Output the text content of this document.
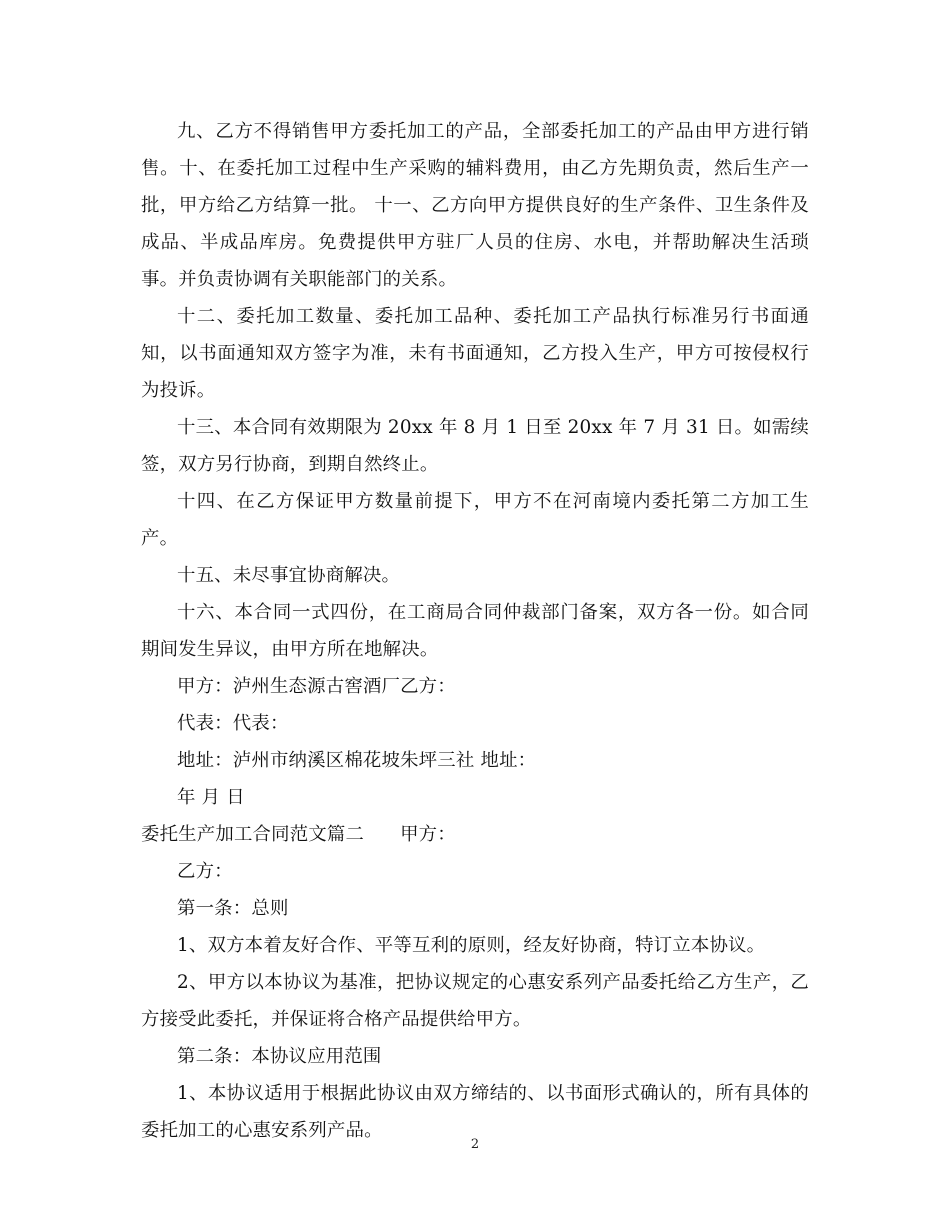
九、乙方不得销售甲方委托加工的产品，全部委托加工的产品由甲方进行销售。十、在委托加工过程中生产采购的辅料费用，由乙方先期负责，然后生产一批，甲方给乙方结算一批。 十一、乙方向甲方提供良好的生产条件、卫生条件及成品、半成品库房。免费提供甲方驻厂人员的住房、水电，并帮助解决生活琐事。并负责协调有关职能部门的关系。

十二、委托加工数量、委托加工品种、委托加工产品执行标准另行书面通知，以书面通知双方签字为准，未有书面通知，乙方投入生产，甲方可按侵权行为投诉。

十三、本合同有效期限为 20xx 年 8 月 1 日至 20xx 年 7 月 31 日。如需续签，双方另行协商，到期自然终止。

十四、在乙方保证甲方数量前提下，甲方不在河南境内委托第二方加工生产。

十五、未尽事宜协商解决。

十六、本合同一式四份，在工商局合同仲裁部门备案，双方各一份。如合同期间发生异议，由甲方所在地解决。

甲方：泸州生态源古窖酒厂乙方：

代表：代表：

地址：泸州市纳溪区棉花坡朱坪三社 地址：

年 月 日

委托生产加工合同范文篇二 甲方：

乙方：

第一条：总则

1、双方本着友好合作、平等互利的原则，经友好协商，特订立本协议。

2、甲方以本协议为基准，把协议规定的心惠安系列产品委托给乙方生产，乙方接受此委托，并保证将合格产品提供给甲方。

第二条：本协议应用范围

1、本协议适用于根据此协议由双方缔结的、以书面形式确认的，所有具体的委托加工的心惠安系列产品。

2
